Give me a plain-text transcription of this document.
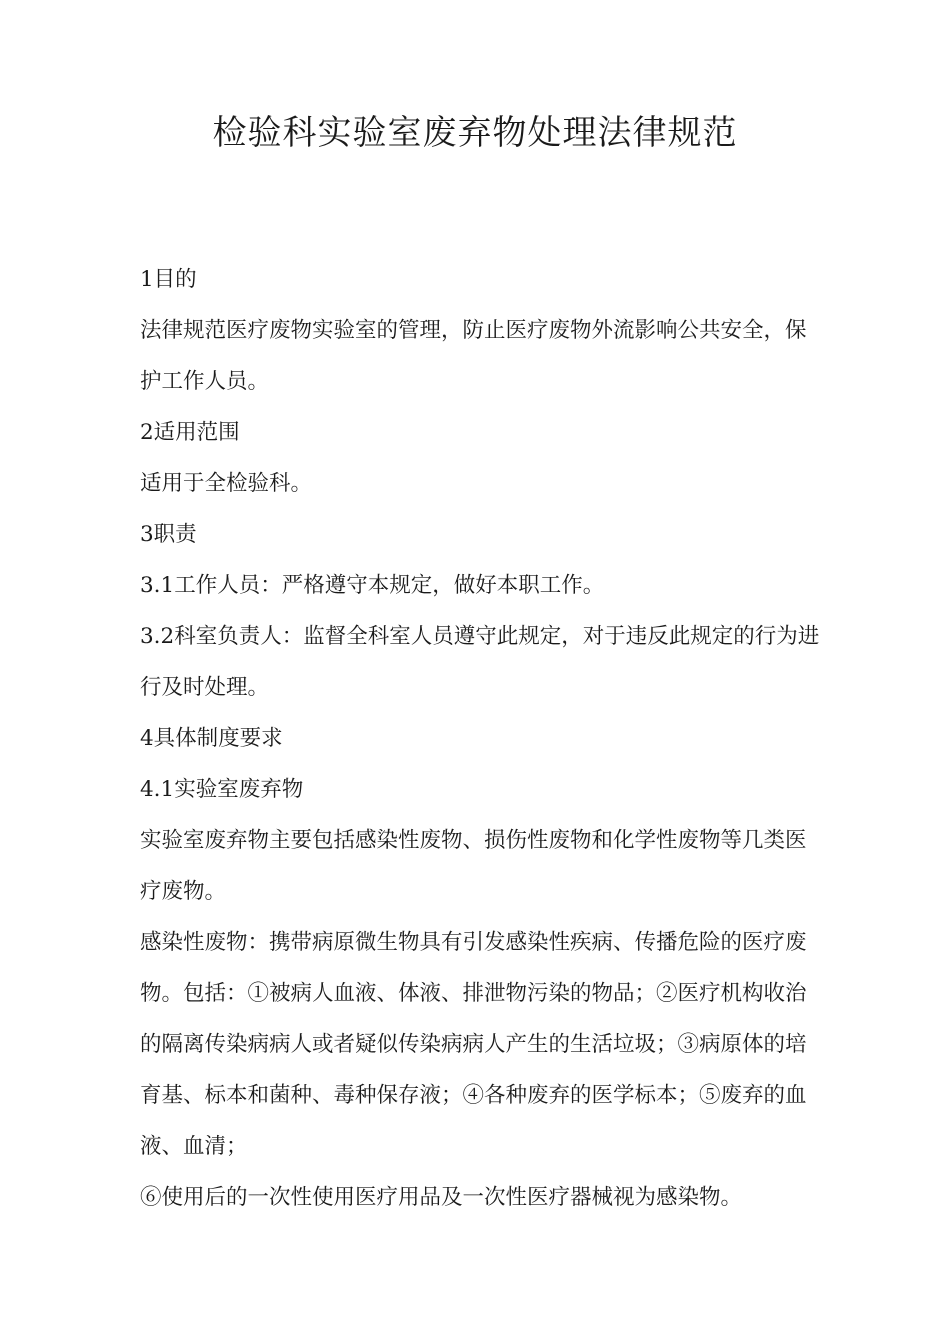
检验科实验室废弃物处理法律规范

1目的

法律规范医疗废物实验室的管理，防止医疗废物外流影响公共安全，保护工作人员。

2适用范围

适用于全检验科。

3职责

3.1工作人员：严格遵守本规定，做好本职工作。

3.2科室负责人：监督全科室人员遵守此规定，对于违反此规定的行为进行及时处理。

4具体制度要求

4.1实验室废弃物

实验室废弃物主要包括感染性废物、损伤性废物和化学性废物等几类医疗废物。

感染性废物：携带病原微生物具有引发感染性疾病、传播危险的医疗废物。包括：①被病人血液、体液、排泄物污染的物品；②医疗机构收治的隔离传染病病人或者疑似传染病病人产生的生活垃圾；③病原体的培育基、标本和菌种、毒种保存液；④各种废弃的医学标本；⑤废弃的血液、血清；

⑥使用后的一次性使用医疗用品及一次性医疗器械视为感染物。
